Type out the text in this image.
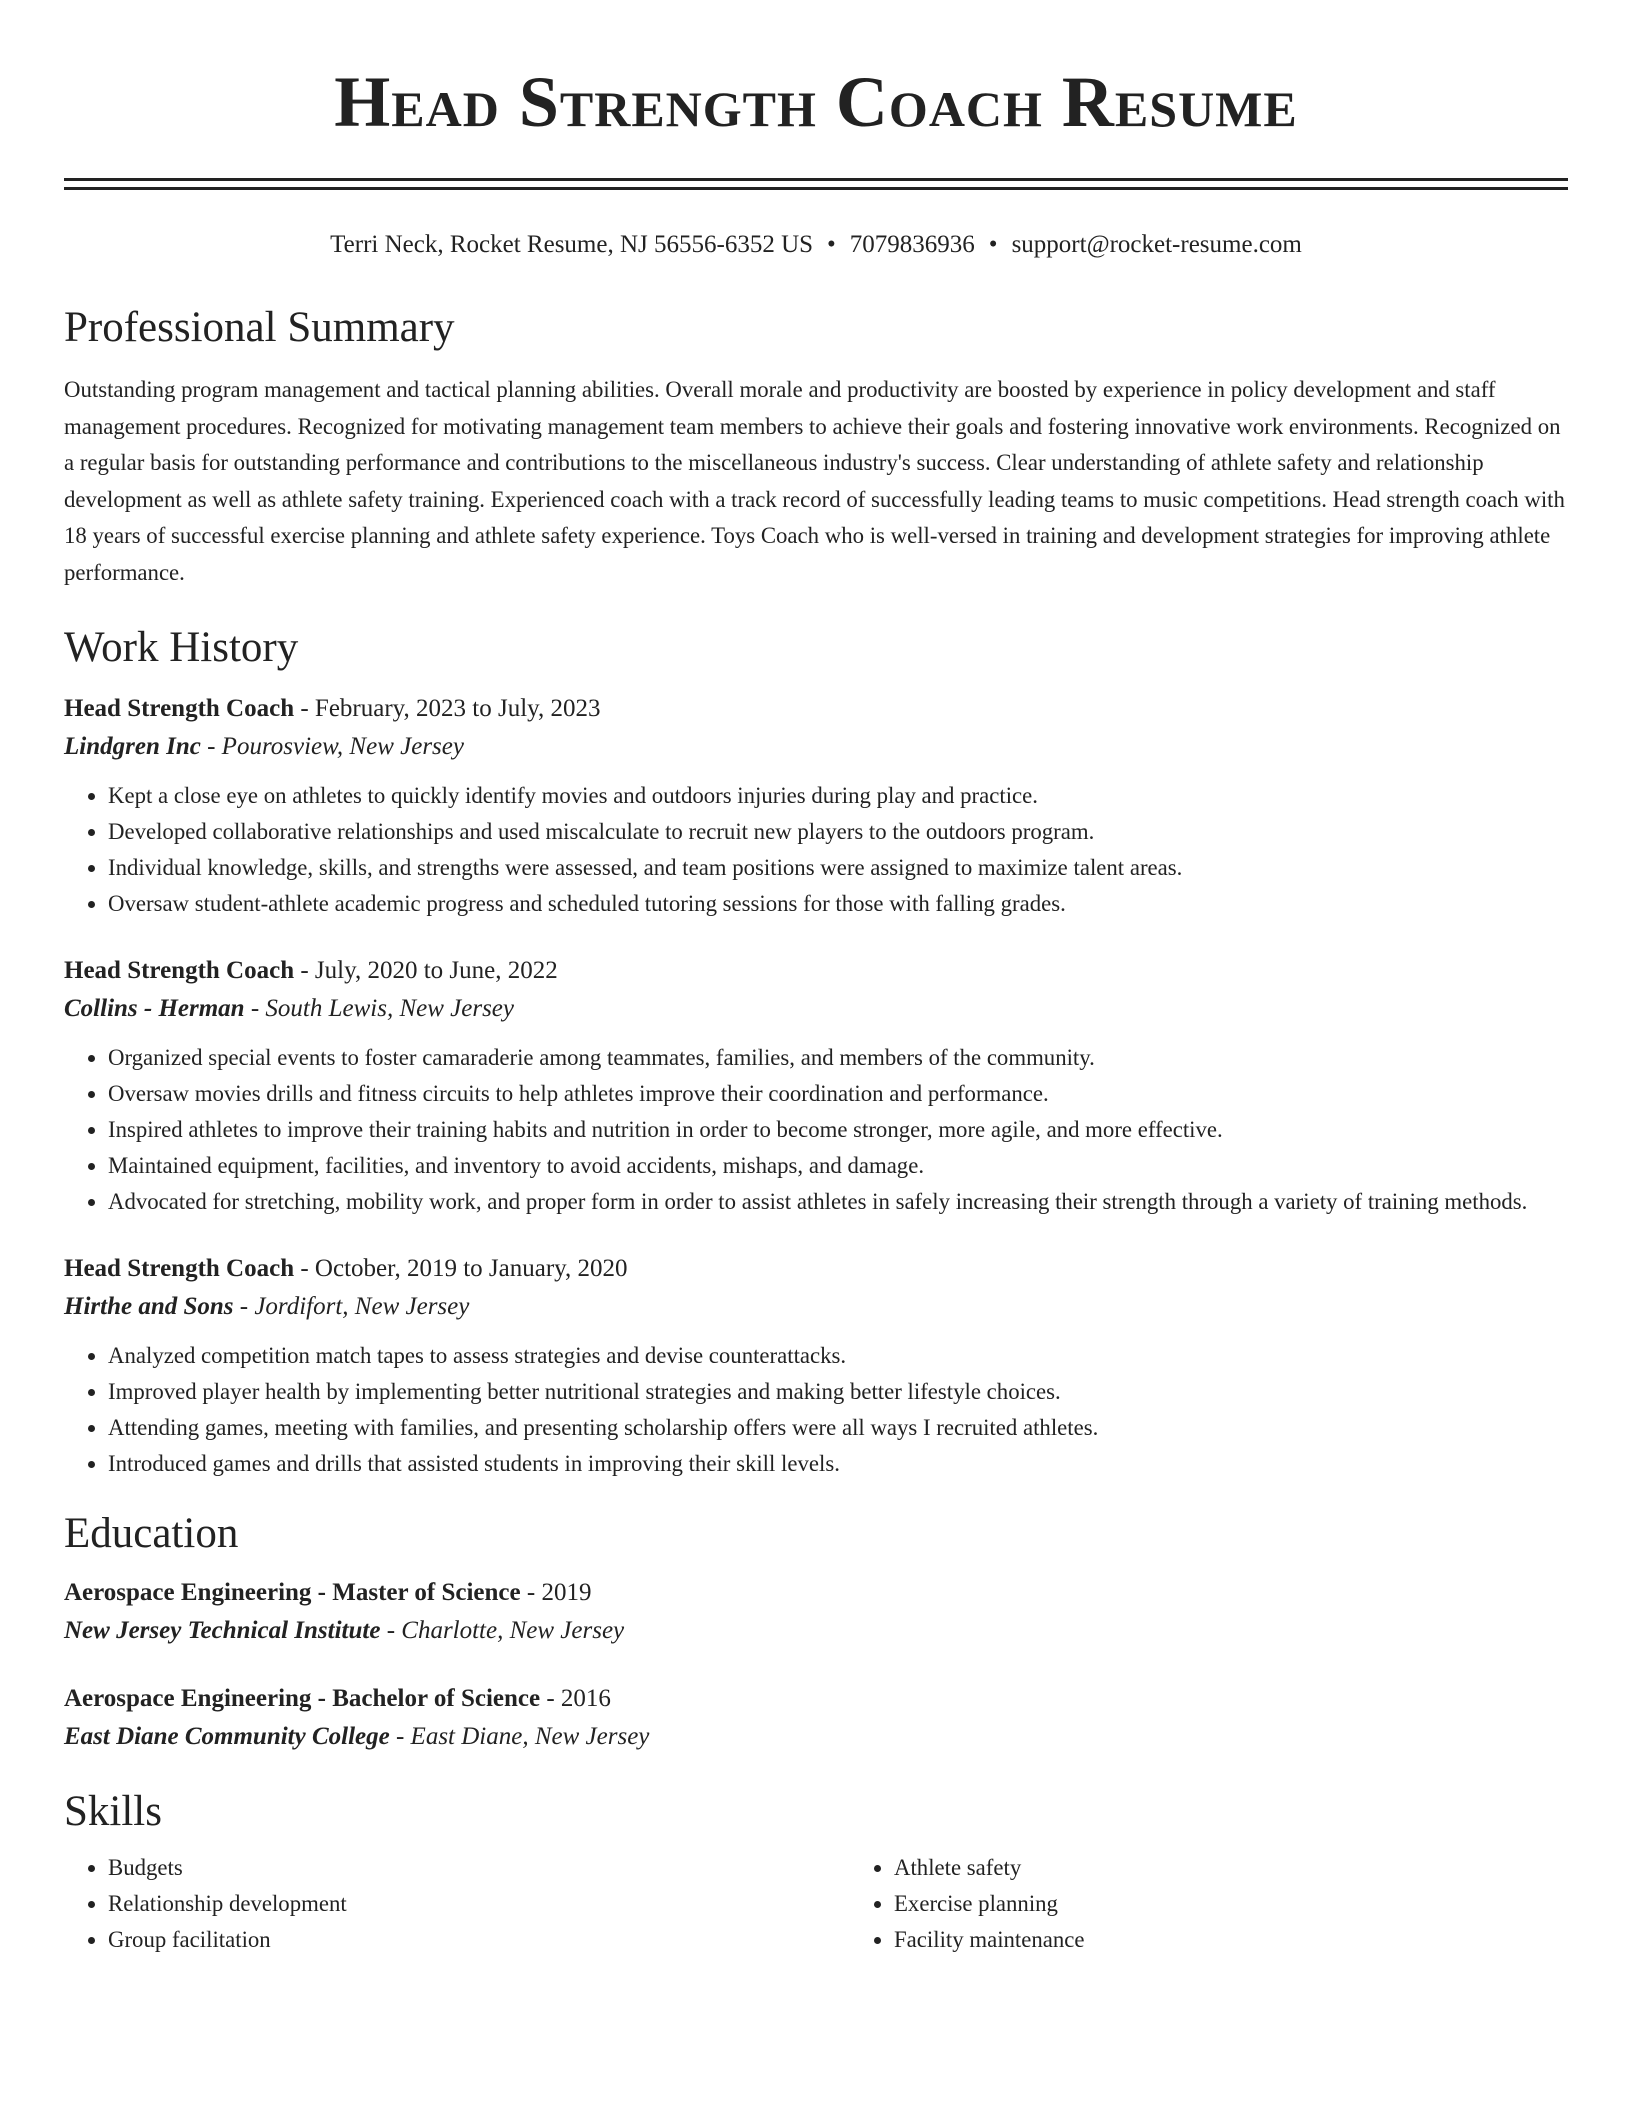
Head Strength Coach Resume
Terri Neck, Rocket Resume, NJ 56556-6352 US • 7079836936 • support@rocket-resume.com
Professional Summary

Outstanding program management and tactical planning abilities. Overall morale and productivity are boosted by experience in policy development and staff management procedures. Recognized for motivating management team members to achieve their goals and fostering innovative work environments. Recognized on a regular basis for outstanding performance and contributions to the miscellaneous industry's success. Clear understanding of athlete safety and relationship development as well as athlete safety training. Experienced coach with a track record of successfully leading teams to music competitions. Head strength coach with 18 years of successful exercise planning and athlete safety experience. Toys Coach who is well-versed in training and development strategies for improving athlete performance.

Work History
Head Strength Coach - February, 2023 to July, 2023
Lindgren Inc - Pourosview, New Jersey
• Kept a close eye on athletes to quickly identify movies and outdoors injuries during play and practice.
• Developed collaborative relationships and used miscalculate to recruit new players to the outdoors program.
• Individual knowledge, skills, and strengths were assessed, and team positions were assigned to maximize talent areas.
• Oversaw student-athlete academic progress and scheduled tutoring sessions for those with falling grades.
Head Strength Coach - July, 2020 to June, 2022
Collins - Herman - South Lewis, New Jersey
• Organized special events to foster camaraderie among teammates, families, and members of the community.
• Oversaw movies drills and fitness circuits to help athletes improve their coordination and performance.
• Inspired athletes to improve their training habits and nutrition in order to become stronger, more agile, and more effective.
• Maintained equipment, facilities, and inventory to avoid accidents, mishaps, and damage.
• Advocated for stretching, mobility work, and proper form in order to assist athletes in safely increasing their strength through a variety of training methods.
Head Strength Coach - October, 2019 to January, 2020
Hirthe and Sons - Jordifort, New Jersey
• Analyzed competition match tapes to assess strategies and devise counterattacks.
• Improved player health by implementing better nutritional strategies and making better lifestyle choices.
• Attending games, meeting with families, and presenting scholarship offers were all ways I recruited athletes.
• Introduced games and drills that assisted students in improving their skill levels.
Education
Aerospace Engineering - Master of Science - 2019
New Jersey Technical Institute - Charlotte, New Jersey
Aerospace Engineering - Bachelor of Science - 2016
East Diane Community College - East Diane, New Jersey
Skills
• Budgets
• Relationship development
• Group facilitation
• Athlete safety
• Exercise planning
• Facility maintenance
